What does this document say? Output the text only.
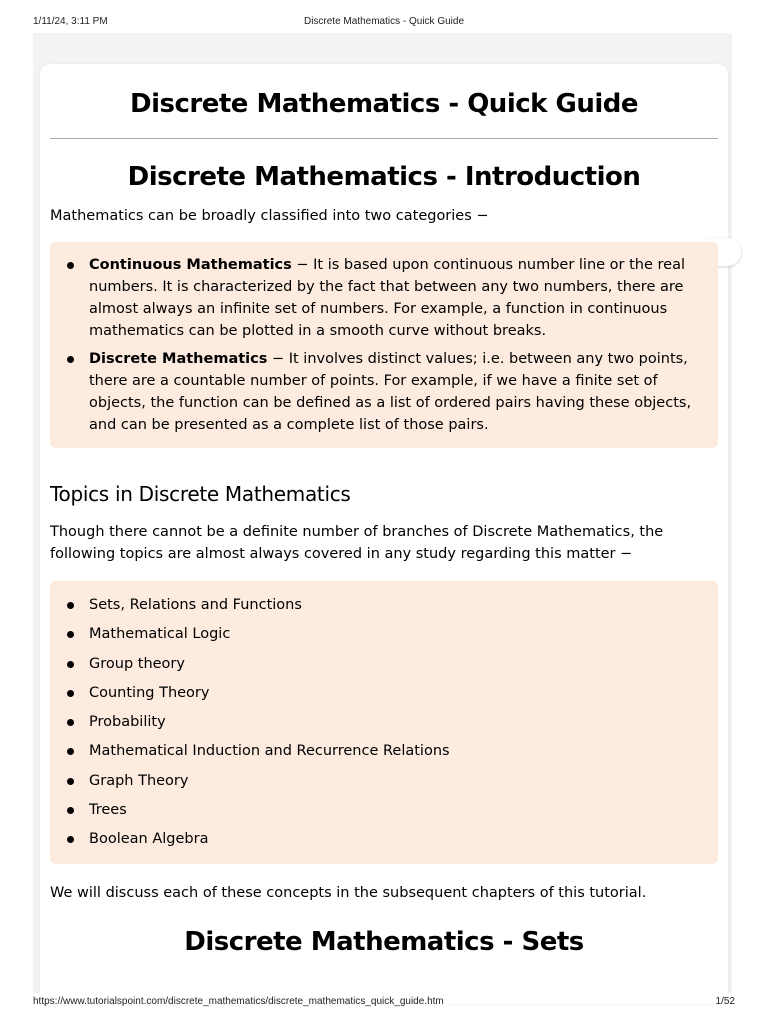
1/11/24, 3:11 PM	Discrete Mathematics - Quick Guide
Discrete Mathematics - Quick Guide
Discrete Mathematics - Introduction

Mathematics can be broadly classified into two categories −

Continuous Mathematics − It is based upon continuous number line or the real numbers. It is characterized by the fact that between any two numbers, there are almost always an infinite set of numbers. For example, a function in continuous mathematics can be plotted in a smooth curve without breaks.
Discrete Mathematics − It involves distinct values; i.e. between any two points, there are a countable number of points. For example, if we have a finite set of objects, the function can be defined as a list of ordered pairs having these objects, and can be presented as a complete list of those pairs.
Topics in Discrete Mathematics

Though there cannot be a definite number of branches of Discrete Mathematics, the following topics are almost always covered in any study regarding this matter −

Sets, Relations and Functions
Mathematical Logic
Group theory
Counting Theory
Probability
Mathematical Induction and Recurrence Relations
Graph Theory
Trees
Boolean Algebra

We will discuss each of these concepts in the subsequent chapters of this tutorial.

Discrete Mathematics - Sets
https://www.tutorialspoint.com/discrete_mathematics/discrete_mathematics_quick_guide.htm	1/52
